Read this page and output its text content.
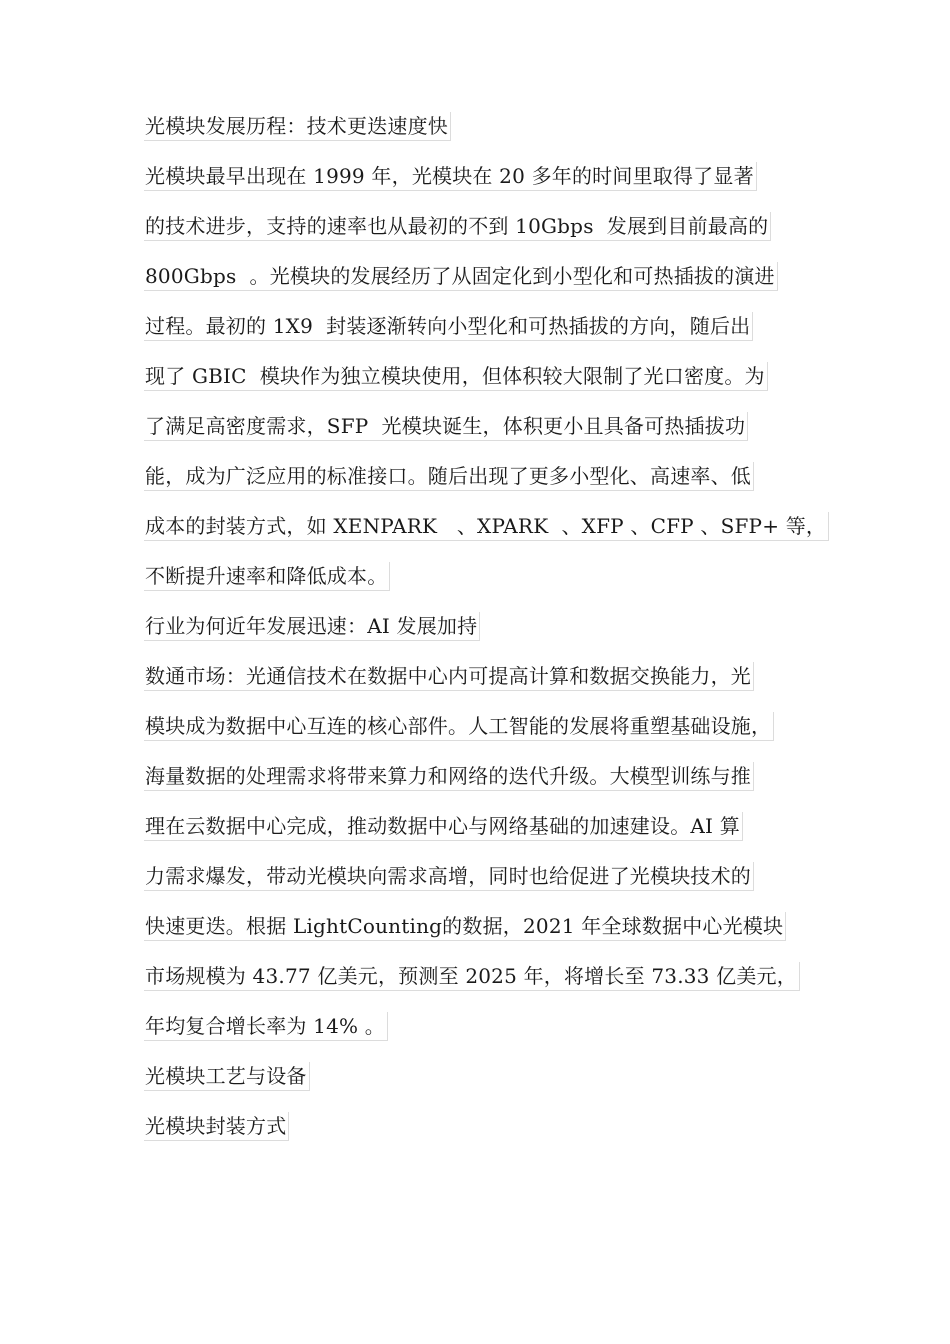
光模块发展历程：技术更迭速度快
光模块最早出现在 1999 年，光模块在 20 多年的时间里取得了显著
的技术进步，支持的速率也从最初的不到 10Gbps  发展到目前最高的
800Gbps  。光模块的发展经历了从固定化到小型化和可热插拔的演进
过程。最初的 1X9  封装逐渐转向小型化和可热插拔的方向，随后出
现了 GBIC  模块作为独立模块使用，但体积较大限制了光口密度。为
了满足高密度需求，SFP  光模块诞生，体积更小且具备可热插拔功
能，成为广泛应用的标准接口。随后出现了更多小型化、高速率、低
成本的封装方式，如 XENPARK   、XPARK  、XFP 、CFP 、SFP+ 等，
不断提升速率和降低成本。
行业为何近年发展迅速：AI 发展加持
数通市场：光通信技术在数据中心内可提高计算和数据交换能力，光
模块成为数据中心互连的核心部件。人工智能的发展将重塑基础设施，
海量数据的处理需求将带来算力和网络的迭代升级。大模型训练与推
理在云数据中心完成，推动数据中心与网络基础的加速建设。AI 算
力需求爆发，带动光模块向需求高增，同时也给促进了光模块技术的
快速更迭。根据 LightCounting的数据，2021 年全球数据中心光模块
市场规模为 43.77 亿美元，预测至 2025 年，将增长至 73.33 亿美元，
年均复合增长率为 14% 。
光模块工艺与设备
光模块封装方式
